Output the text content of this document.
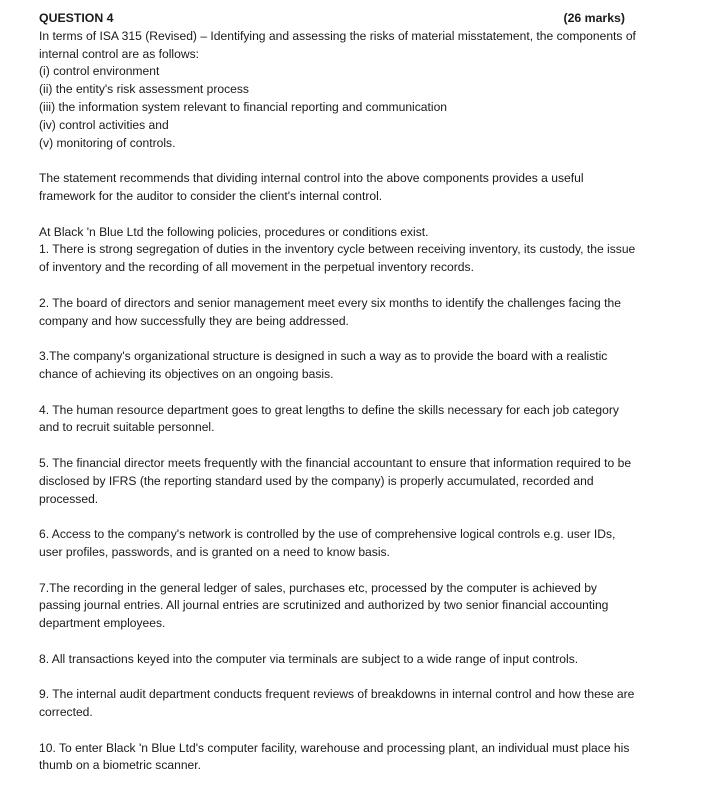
QUESTION 4	(26 marks)

In terms of ISA 315 (Revised) – Identifying and assessing the risks of material misstatement, the components of internal control are as follows:

(i) control environment
(ii) the entity's risk assessment process
(iii) the information system relevant to financial reporting and communication
(iv) control activities and
(v) monitoring of controls.

The statement recommends that dividing internal control into the above components provides a useful framework for the auditor to consider the client's internal control.

At Black 'n Blue Ltd the following policies, procedures or conditions exist.

1. There is strong segregation of duties in the inventory cycle between receiving inventory, its custody, the issue of inventory and the recording of all movement in the perpetual inventory records.

2. The board of directors and senior management meet every six months to identify the challenges facing the company and how successfully they are being addressed.

3.The company's organizational structure is designed in such a way as to provide the board with a realistic chance of achieving its objectives on an ongoing basis.

4. The human resource department goes to great lengths to define the skills necessary for each job category and to recruit suitable personnel.

5. The financial director meets frequently with the financial accountant to ensure that information required to be disclosed by IFRS (the reporting standard used by the company) is properly accumulated, recorded and processed.

6. Access to the company's network is controlled by the use of comprehensive logical controls e.g. user IDs, user profiles, passwords, and is granted on a need to know basis.

7.The recording in the general ledger of sales, purchases etc, processed by the computer is achieved by passing journal entries. All journal entries are scrutinized and authorized by two senior financial accounting department employees.

8. All transactions keyed into the computer via terminals are subject to a wide range of input controls.

9. The internal audit department conducts frequent reviews of breakdowns in internal control and how these are corrected.

10. To enter Black 'n Blue Ltd's computer facility, warehouse and processing plant, an individual must place his thumb on a biometric scanner.
